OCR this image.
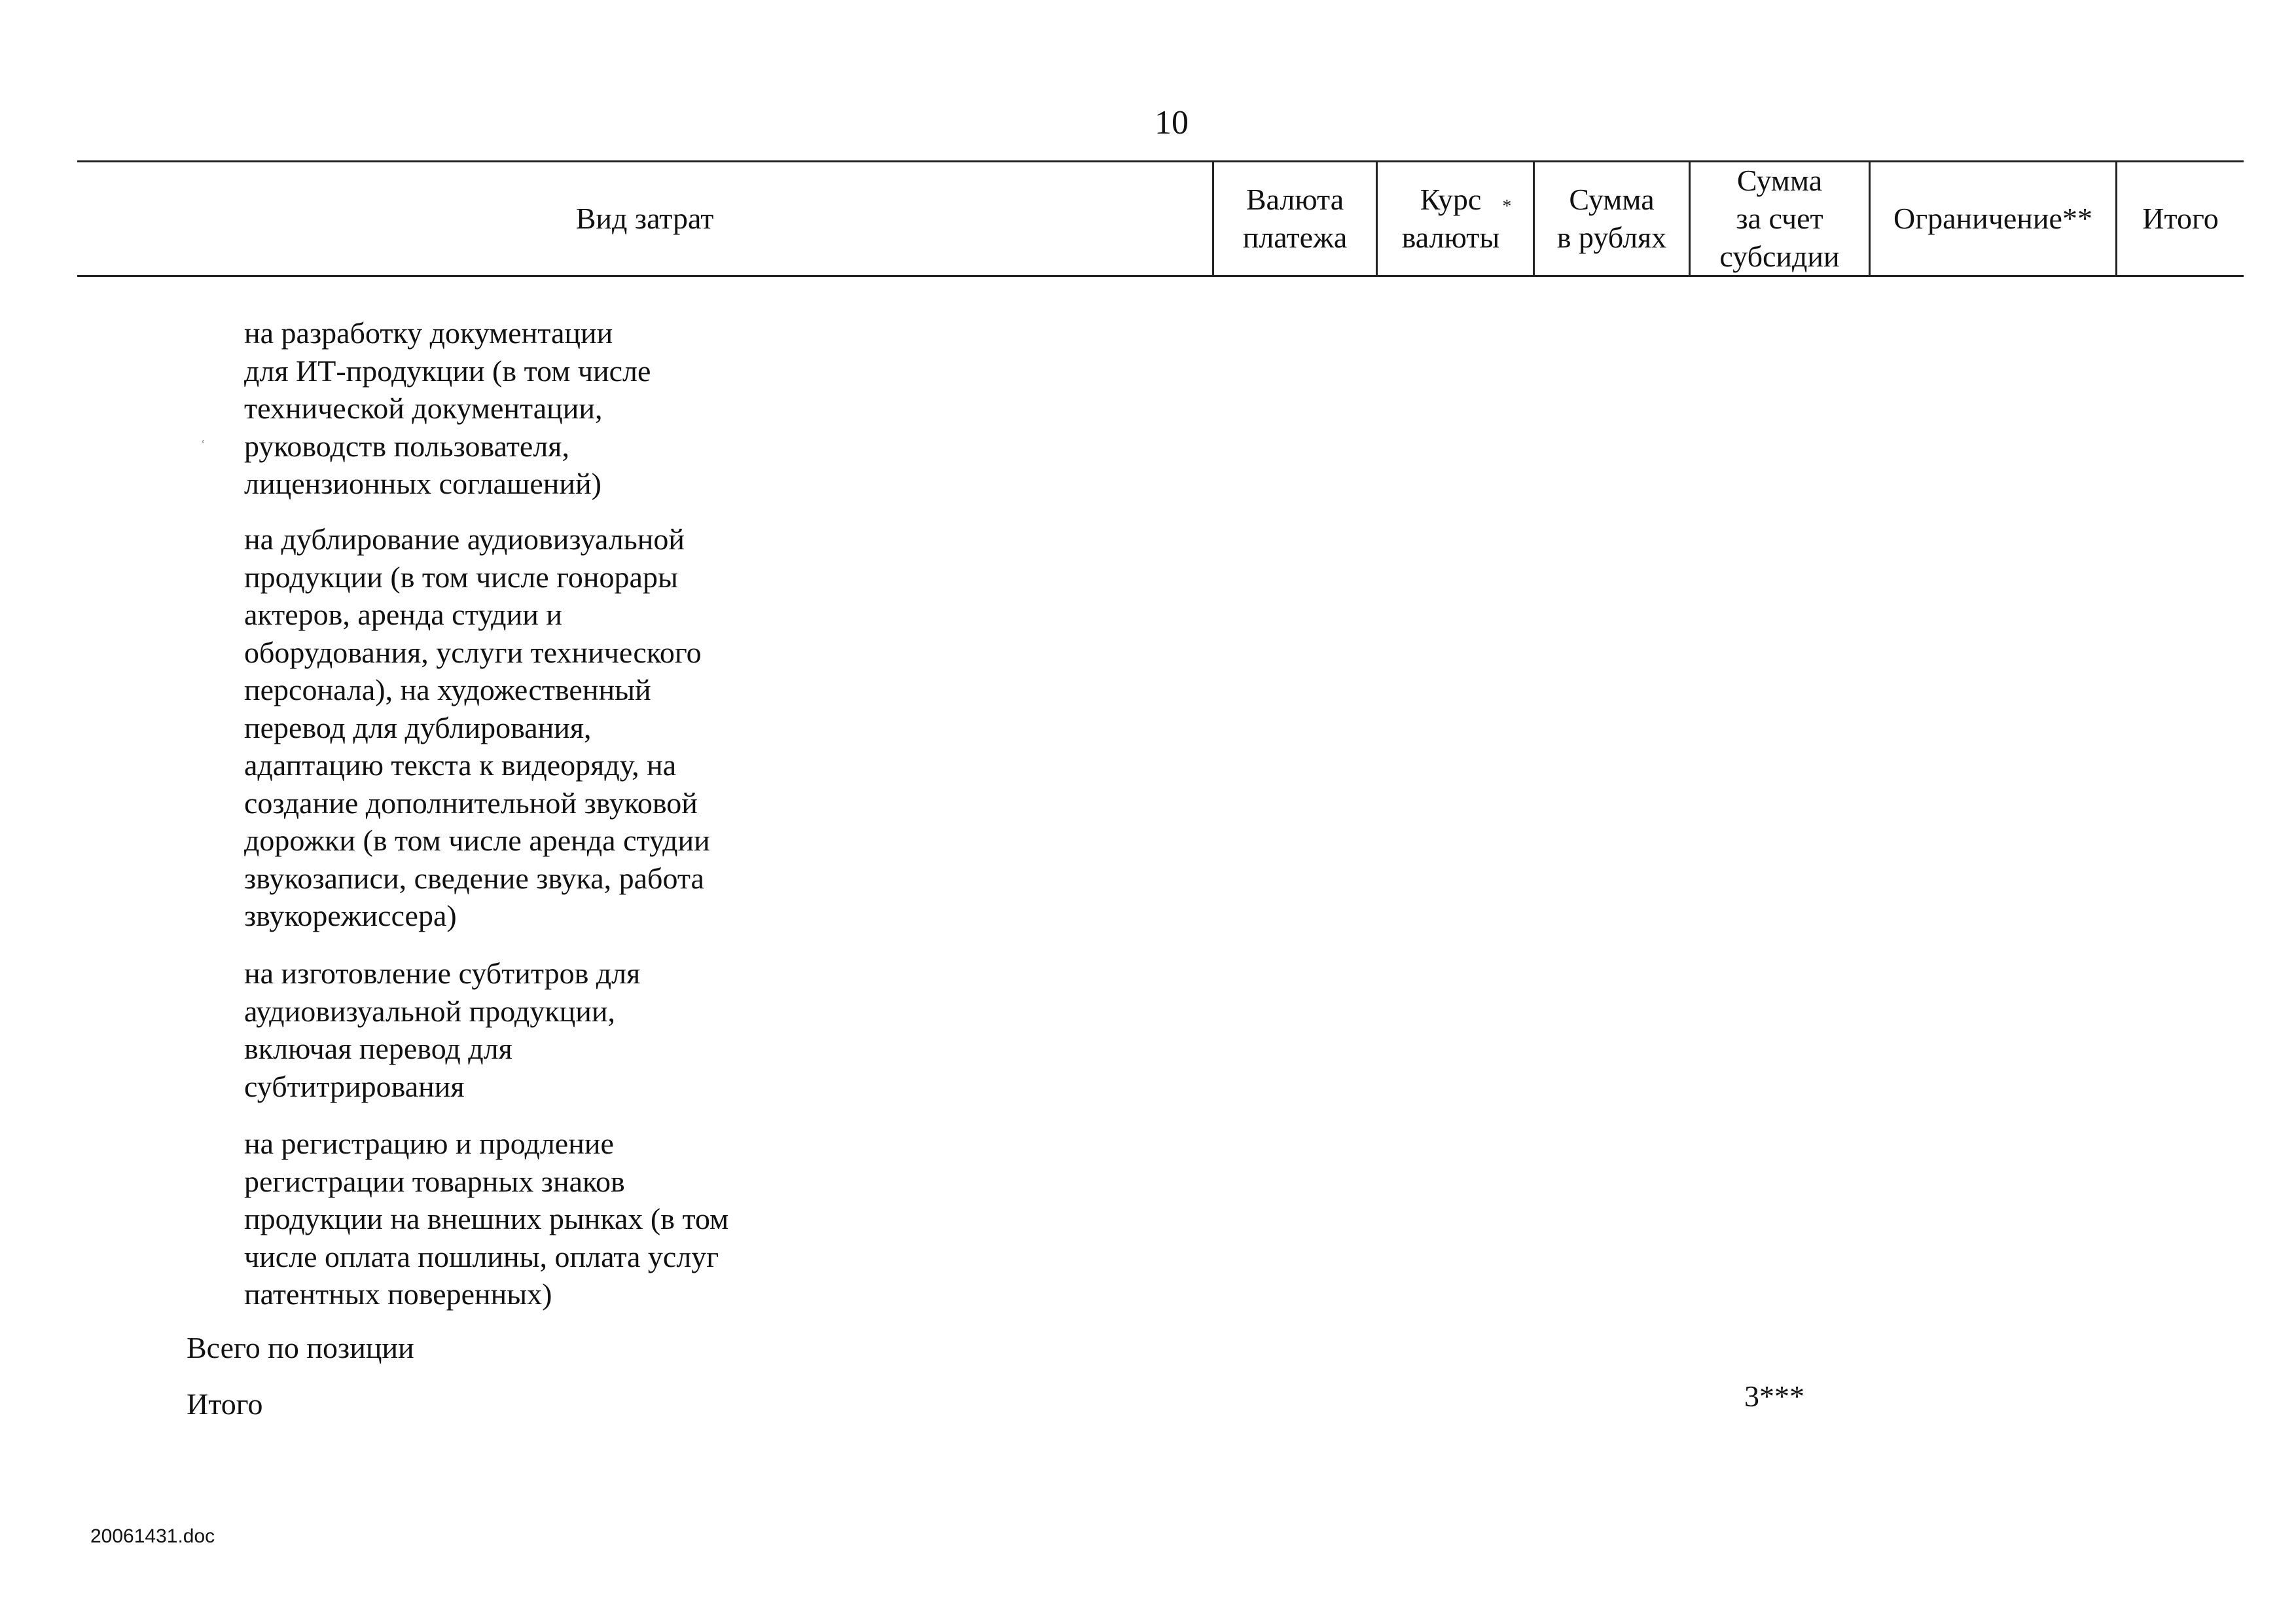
10
Вид затрат
Валюта
платежа
Курс
валюты
*	Сумма
в рублях
Сумма
за счет
субсидии
Ограничение** Итого
ʿ
на разработку документации
для ИТ-продукции (в том числе
технической документации,
руководств пользователя,
лицензионных соглашений)
на дублирование аудиовизуальной
продукции (в том числе гонорары
актеров, аренда студии и
оборудования, услуги технического
персонала), на художественный
перевод для дублирования,
адаптацию текста к видеоряду, на
создание дополнительной звуковой
дорожки (в том числе аренда студии
звукозаписи, сведение звука, работа
звукорежиссера)
на изготовление субтитров для
аудиовизуальной продукции,
включая перевод для
субтитрирования
на регистрацию и продление
регистрации товарных знаков
продукции на внешних рынках (в том
числе оплата пошлины, оплата услуг
патентных поверенных)
Всего по позиции
Итого	3***
20061431.doc
